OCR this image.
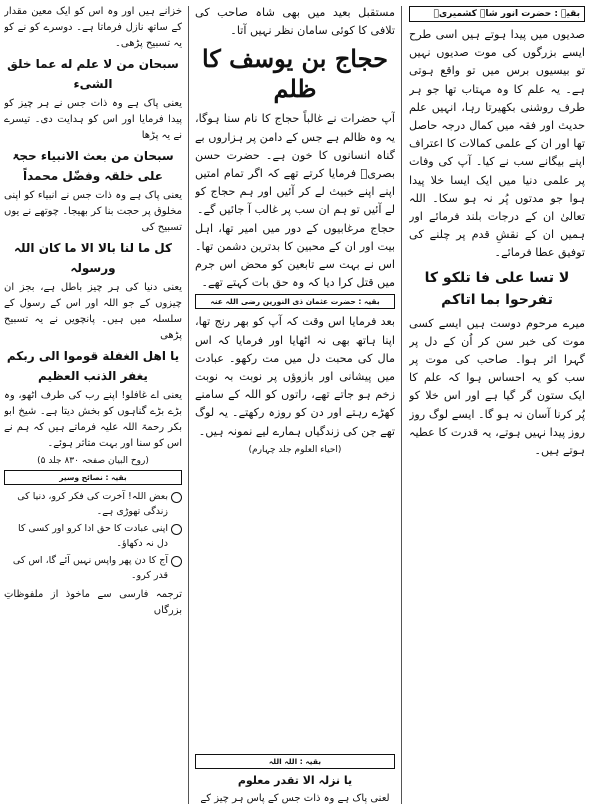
بقیہ : حضرت انور شاہ کشمیریؒ

صدیوں میں پیدا ہوتے ہیں اسی طرح ایسے بزرگوں کی موت صدیوں نہیں تو بیسیوں برس میں تو واقع ہوتی ہے۔ یہ علم کا وہ مہتاب تھا جو ہر طرف روشنی بکھیرتا رہا، انہیں علم حدیث اور فقہ میں کمال درجہ حاصل تھا اور ان کے علمی کمالات کا اعتراف اپنے بیگانے سب نے کیا۔ آپ کی وفات پر علمی دنیا میں ایک ایسا خلا پیدا ہوا جو مدتوں پُر نہ ہو سکا۔ اللہ تعالیٰ ان کے درجات بلند فرمائے اور ہمیں ان کے نقشِ قدم پر چلنے کی توفیق عطا فرمائے۔

لا تسا علی فا تلکو کا تفرحوا بما اتاکم

میرے مرحوم دوست ہیں ایسے کسی موت کی خبر سن کر اُن کے دل پر گہرا اثر ہوا۔ صاحب کی موت پر سب کو یہ احساس ہوا کہ علم کا ایک ستون گر گیا ہے اور اس خلا کو پُر کرنا آسان نہ ہو گا۔ ایسے لوگ روز روز پیدا نہیں ہوتے، یہ قدرت کا عطیہ ہوتے ہیں۔

مستقبل بعید میں بھی شاہ صاحب کی تلافی کا کوئی سامان نظر نہیں آتا۔

حجاج بن یوسف کا ظلم

آپ حضرات نے غالباً حجاج کا نام سنا ہوگا، یہ وہ ظالم ہے جس کے دامن پر ہزاروں بے گناہ انسانوں کا خون ہے۔ حضرت حسن بصریؒ فرمایا کرتے تھے کہ اگر تمام امتیں اپنے اپنے خبیث لے کر آئیں اور ہم حجاج کو لے آئیں تو ہم ان سب پر غالب آ جائیں گے۔

حجاج مرغابیوں کے دور میں امیر تھا، اہل بیت اور ان کے محبین کا بدترین دشمن تھا۔ اس نے بہت سے تابعین کو محض اس جرم میں قتل کرا دیا کہ وہ حق بات کہتے تھے۔

بقیہ : حضرت عثمان ذی النورین رضی اللہ عنہ

بعد فرمایا اس وقت کہ آپ کو بھر رنج تھا، اپنا ہاتھ بھی نہ اٹھایا اور فرمایا کہ اس مال کی محبت دل میں مت رکھو۔ عبادت میں پیشانی اور بازوؤں پر نوبت بہ نوبت زخم ہو جاتے تھے، راتوں کو اللہ کے سامنے کھڑے رہتے اور دن کو روزہ رکھتے۔ یہ لوگ تھے جن کی زندگیاں ہمارے لیے نمونہ ہیں۔

(احیاء العلوم جلد چہارم)
بقیہ : اللہ اللہ
یا نزلہ الا تقدر معلوم
لعنی پاک ہے وہ ذات جس کے پاس ہر چیز کے

خزانے ہیں اور وہ اس کو ایک معین مقدار کے ساتھ نازل فرماتا ہے۔ دوسرے کو نے کو یہ تسبیح پڑھی۔

سبحان من لا علم له عما خلق الشیء

یعنی پاک ہے وہ ذات جس نے ہر چیز کو پیدا فرمایا اور اس کو ہدایت دی۔ تیسرے نے یہ پڑھا

سبحان من بعث الانبیاء حجۃ علی خلقہ وفضّل محمداً

یعنی پاک ہے وہ ذات جس نے انبیاء کو اپنی مخلوق پر حجت بنا کر بھیجا۔ چوتھے نے یوں تسبیح کی

کل ما لنا بالا الا ما کان اللہ ورسولہ

یعنی دنیا کی ہر چیز باطل ہے، بجز ان چیزوں کے جو اللہ اور اس کے رسول کے سلسلہ میں ہیں۔ پانچویں نے یہ تسبیح پڑھی

یا اهل الغفلة قوموا الی ربکم یغفر الذنب العظیم

یعنی اے غافلو! اپنے رب کی طرف اٹھو، وہ بڑے بڑے گناہوں کو بخش دیتا ہے۔ شیخ ابو بکر رحمۃ اللہ علیہ فرماتے ہیں کہ ہم نے اس کو سنا اور بہت متاثر ہوئے۔

(روح البیان صفحہ ۸۳۰ جلد ۵)
بقیہ : نصائح وسیر
بعض اللہ! آخرت کی فکر کرو، دنیا کی زندگی تھوڑی ہے۔
اپنی عبادت کا حق ادا کرو اور کسی کا دل نہ دکھاؤ۔
آج کا دن پھر واپس نہیں آئے گا، اس کی قدر کرو۔

ترجمہ فارسی سے ماخوذ از ملفوظاتِ بزرگاں
